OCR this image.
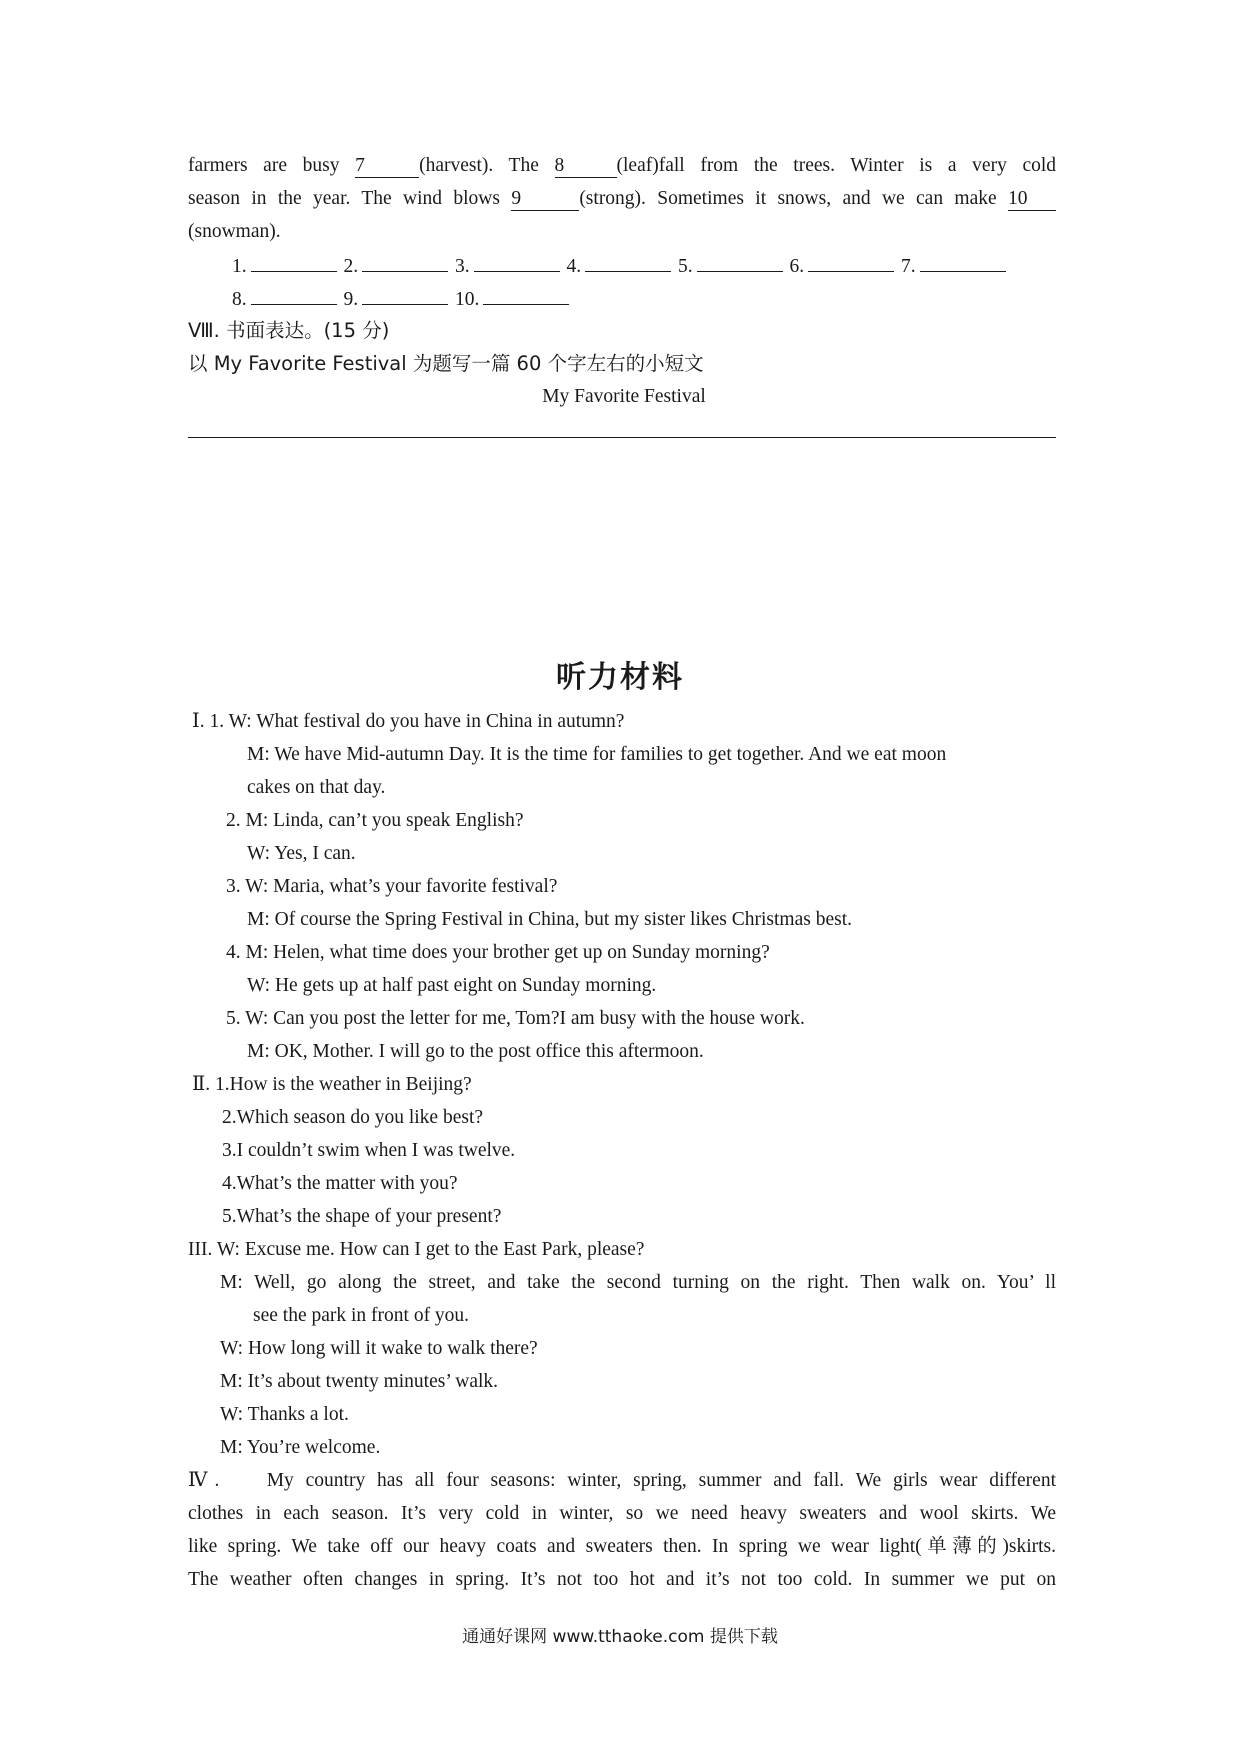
farmers are busy 7	(harvest). The 8	(leaf)fall from the trees. Winter is a very cold
season in the year. The wind blows 9	(strong). Sometimes it snows, and we can make 10
(snowman).
1.	2.	3.	4.	5.	6.	7.
8.	9.	10.
Ⅷ. 书面表达。(15 分)
以 My Favorite Festival 为题写一篇 60 个字左右的小短文
My Favorite Festival
听力材料
Ⅰ. 1. W: What festival do you have in China in autumn?
M: We have Mid-autumn Day. It is the time for families to get together. And we eat moon
cakes on that day.
2. M: Linda, can’t you speak English?
W: Yes, I can.
3. W: Maria, what’s your favorite festival?
M: Of course the Spring Festival in China, but my sister likes Christmas best.
4. M: Helen, what time does your brother get up on Sunday morning?
W: He gets up at half past eight on Sunday morning.
5. W: Can you post the letter for me, Tom?I am busy with the house work.
M: OK, Mother. I will go to the post office this aftermoon.
Ⅱ. 1.How is the weather in Beijing?
2.Which season do you like best?
3.I couldn’t swim when I was twelve.
4.What’s the matter with you?
5.What’s the shape of your present?
III. W: Excuse me. How can I get to the East Park, please?
M: Well, go along the street, and take the second turning on the right. Then walk on. You’ ll
see the park in front of you.
W: How long will it wake to walk there?
M: It’s about twenty minutes’ walk.
W: Thanks a lot.
M: You’re welcome.
Ⅳ.    My country has all four seasons: winter, spring, summer and fall. We girls wear different
clothes in each season. It’s very cold in winter, so we need heavy sweaters and wool skirts. We
like spring. We take off our heavy coats and sweaters then. In spring we wear light(单薄的)skirts.
The weather often changes in spring. It’s not too hot and it’s not too cold. In summer we put on
通通好课网 www.tthaoke.com 提供下载
